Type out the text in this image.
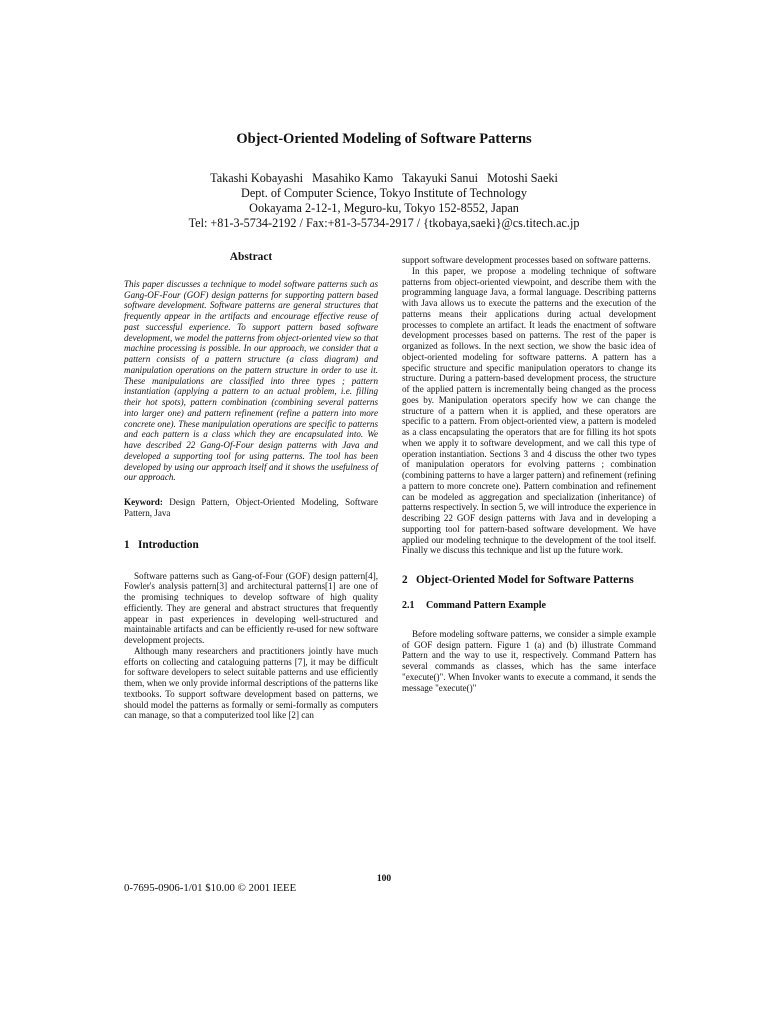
Object-Oriented Modeling of Software Patterns
Takashi Kobayashi   Masahiko Kamo   Takayuki Sanui   Motoshi Saeki
Dept. of Computer Science, Tokyo Institute of Technology
Ookayama 2-12-1, Meguro-ku, Tokyo 152-8552, Japan
Tel: +81-3-5734-2192 / Fax:+81-3-5734-2917 / {tkobaya,saeki}@cs.titech.ac.jp
Abstract

This paper discusses a technique to model software patterns such as Gang-OF-Four (GOF) design patterns for supporting pattern based software development. Software patterns are general structures that frequently appear in the artifacts and encourage effective reuse of past successful experience. To support pattern based software development, we model the patterns from object-oriented view so that machine processing is possible. In our approach, we consider that a pattern consists of a pattern structure (a class diagram) and manipulation operations on the pattern structure in order to use it. These manipulations are classified into three types ; pattern instantiation (applying a pattern to an actual problem, i.e. filling their hot spots), pattern combination (combining several patterns into larger one) and pattern refinement (refine a pattern into more concrete one). These manipulation operations are specific to patterns and each pattern is a class which they are encapsulated into. We have described 22 Gang-Of-Four design patterns with Java and developed a supporting tool for using patterns. The tool has been developed by using our approach itself and it shows the usefulness of our approach.

Keyword: Design Pattern, Object-Oriented Modeling, Software Pattern, Java

1 Introduction

Software patterns such as Gang-of-Four (GOF) design pattern[4], Fowler's analysis pattern[3] and architectural patterns[1] are one of the promising techniques to develop software of high quality efficiently. They are general and abstract structures that frequently appear in past experiences in developing well-structured and maintainable artifacts and can be efficiently re-used for new software development projects.

Although many researchers and practitioners jointly have much efforts on collecting and cataloguing patterns [7], it may be difficult for software developers to select suitable patterns and use efficiently them, when we only provide informal descriptions of the patterns like textbooks. To support software development based on patterns, we should model the patterns as formally or semi-formally as computers can manage, so that a computerized tool like [2] can

support software development processes based on software patterns.

In this paper, we propose a modeling technique of software patterns from object-oriented viewpoint, and describe them with the programming language Java, a formal language. Describing patterns with Java allows us to execute the patterns and the execution of the patterns means their applications during actual development processes to complete an artifact. It leads the enactment of software development processes based on patterns. The rest of the paper is organized as follows. In the next section, we show the basic idea of object-oriented modeling for software patterns. A pattern has a specific structure and specific manipulation operators to change its structure. During a pattern-based development process, the structure of the applied pattern is incrementally being changed as the process goes by. Manipulation operators specify how we can change the structure of a pattern when it is applied, and these operators are specific to a pattern. From object-oriented view, a pattern is modeled as a class encapsulating the operators that are for filling its hot spots when we apply it to software development, and we call this type of operation instantiation. Sections 3 and 4 discuss the other two types of manipulation operators for evolving patterns ; combination (combining patterns to have a larger pattern) and refinement (refining a pattern to more concrete one). Pattern combination and refinement can be modeled as aggregation and specialization (inheritance) of patterns respectively. In section 5, we will introduce the experience in describing 22 GOF design patterns with Java and in developing a supporting tool for pattern-based software development. We have applied our modeling technique to the development of the tool itself. Finally we discuss this technique and list up the future work.

2 Object-Oriented Model for Software Patterns
2.1	Command Pattern Example

Before modeling software patterns, we consider a simple example of GOF design pattern. Figure 1 (a) and (b) illustrate Command Pattern and the way to use it, respectively. Command Pattern has several commands as classes, which has the same interface "execute()". When Invoker wants to execute a command, it sends the message "execute()"

100
0-7695-0906-1/01 $10.00 © 2001 IEEE
